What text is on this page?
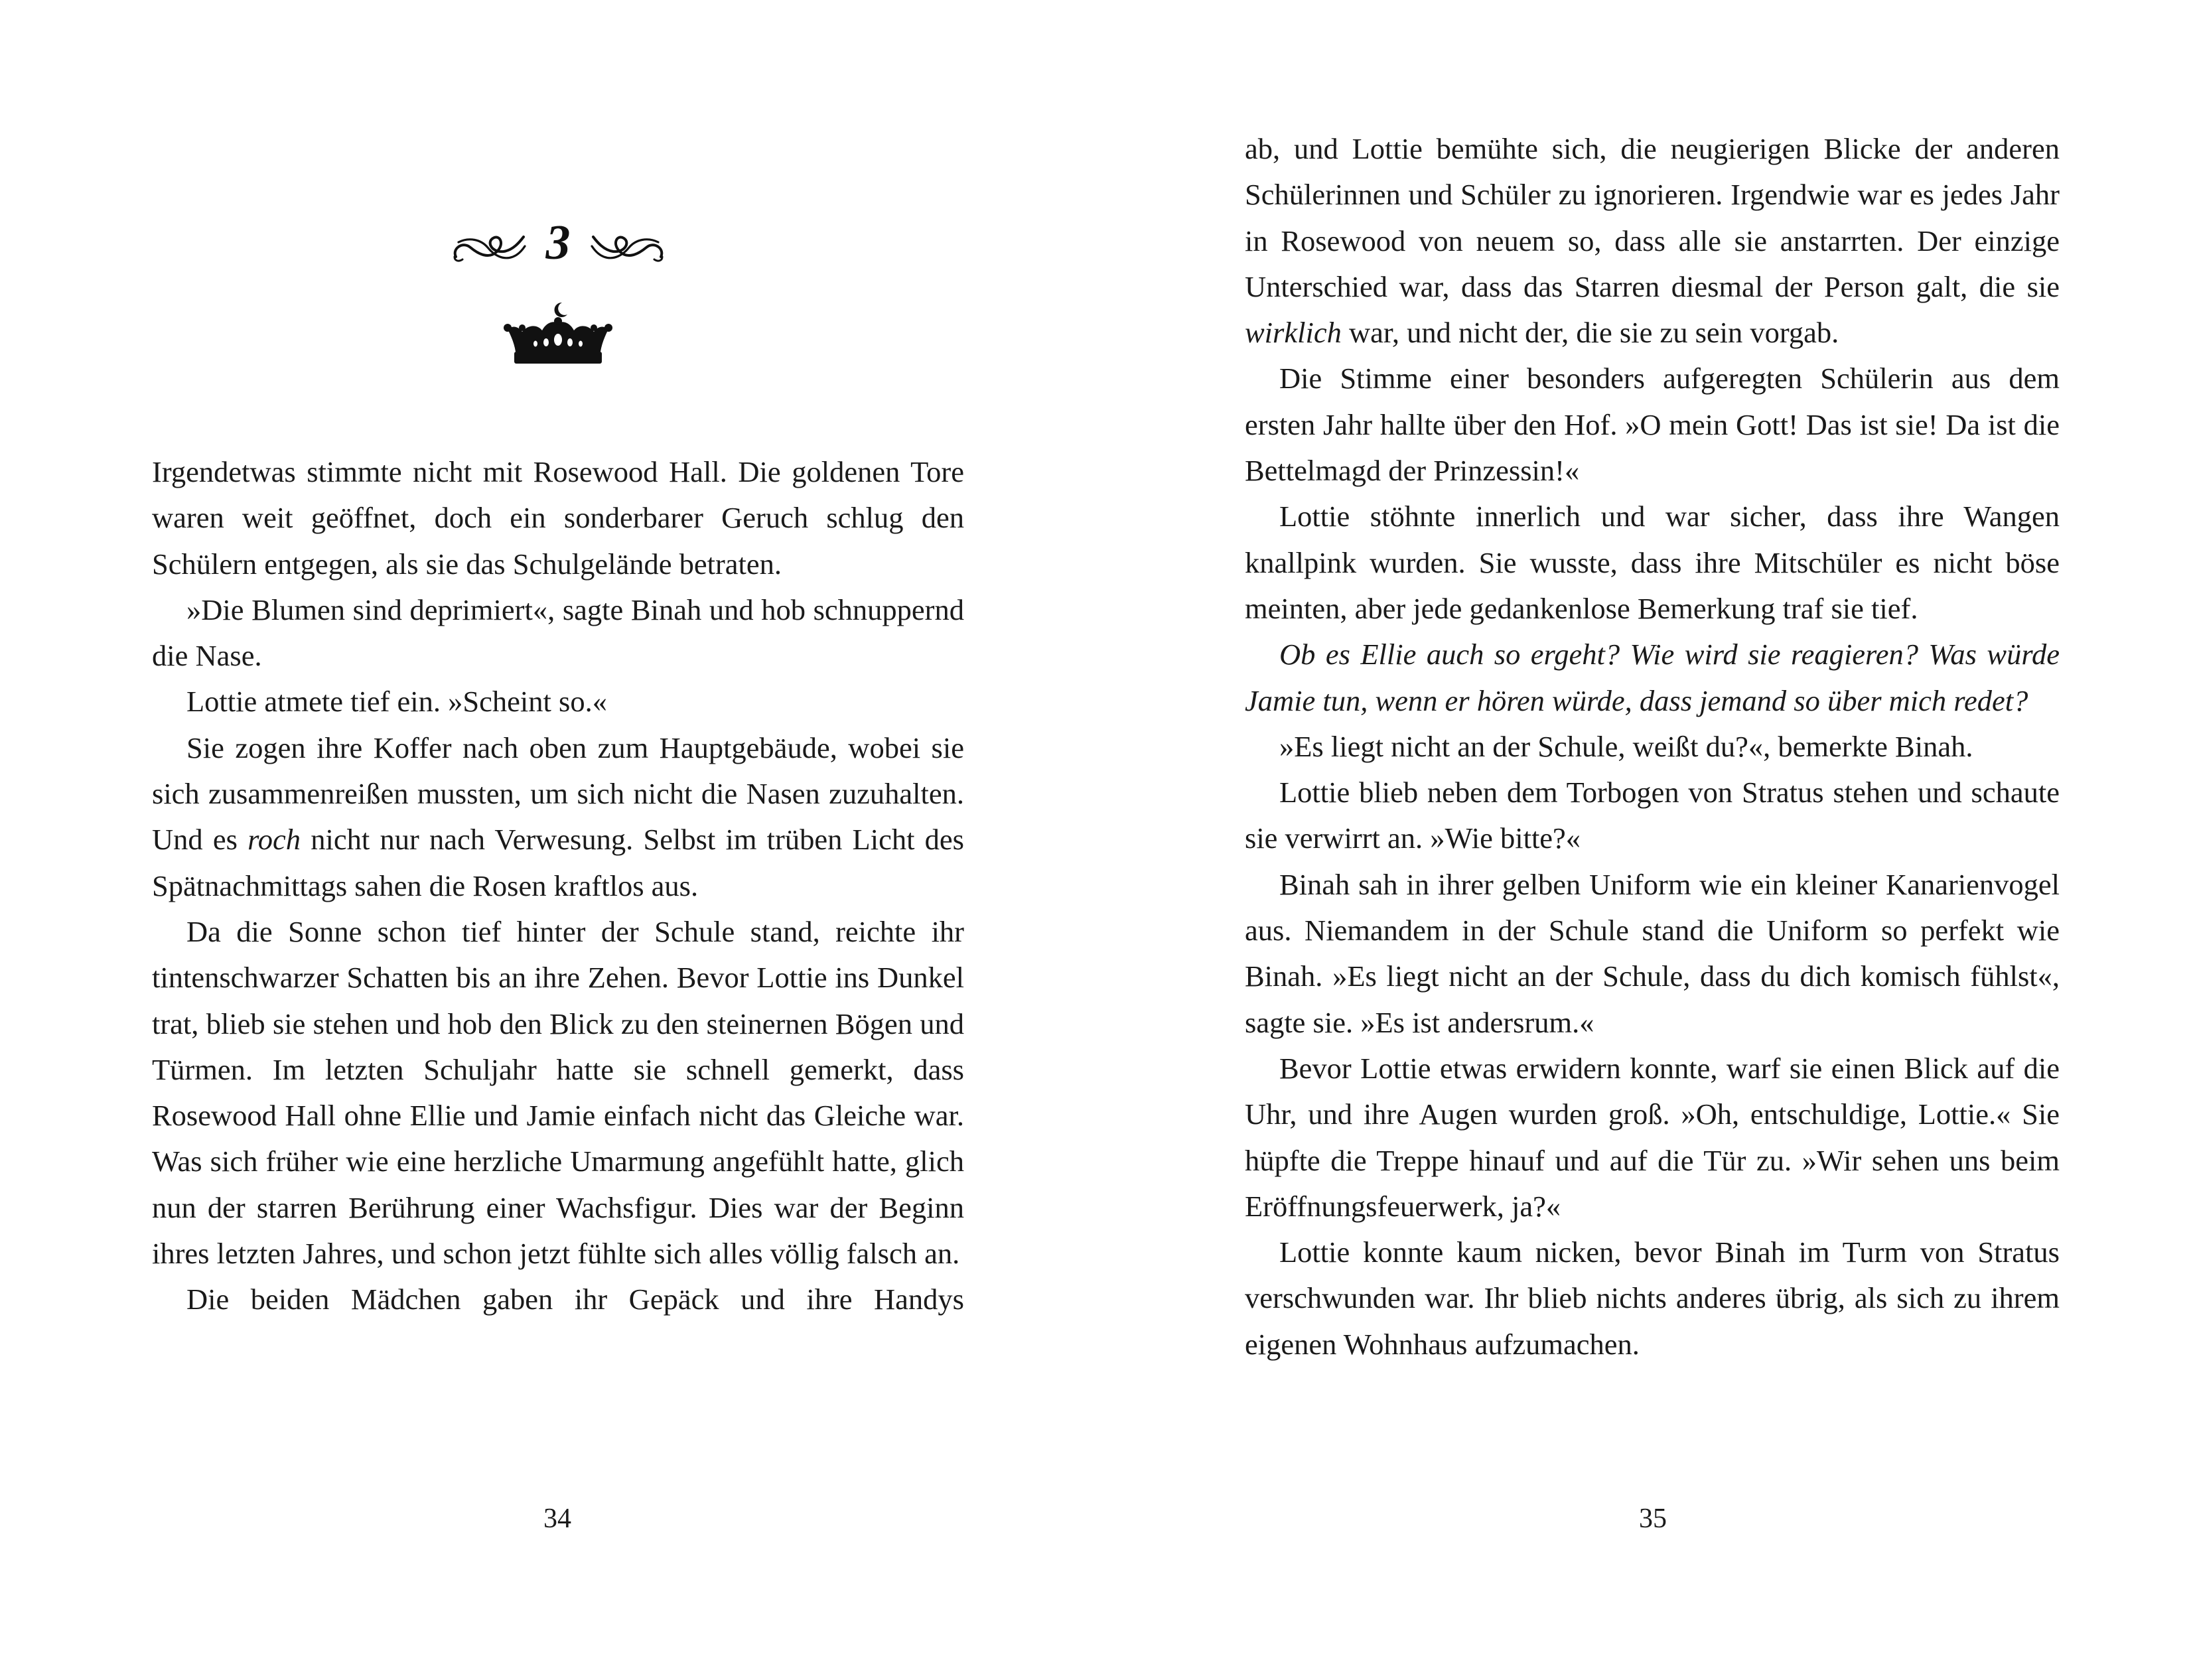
3

Irgendetwas stimmte nicht mit Rosewood Hall. Die goldenen Tore waren weit geöffnet, doch ein sonderbarer Geruch schlug den Schülern entgegen, als sie das Schulgelände betraten.

»Die Blumen sind deprimiert«, sagte Binah und hob schnuppernd die Nase.

Lottie atmete tief ein. »Scheint so.«

Sie zogen ihre Koffer nach oben zum Hauptgebäude, wobei sie sich zusammenreißen mussten, um sich nicht die Nasen zuzuhalten. Und es roch nicht nur nach Verwesung. Selbst im trüben Licht des Spätnachmittags sahen die Rosen kraftlos aus.

Da die Sonne schon tief hinter der Schule stand, reichte ihr tintenschwarzer Schatten bis an ihre Zehen. Bevor Lottie ins Dunkel trat, blieb sie stehen und hob den Blick zu den steinernen Bögen und Türmen. Im letzten Schuljahr hatte sie schnell gemerkt, dass Rosewood Hall ohne Ellie und Jamie einfach nicht das Gleiche war. Was sich früher wie eine herzliche Umarmung angefühlt hatte, glich nun der starren Berührung einer Wachsfigur. Dies war der Beginn ihres letzten Jahres, und schon jetzt fühlte sich alles völlig falsch an.

Die beiden Mädchen gaben ihr Gepäck und ihre Handys

34

ab, und Lottie bemühte sich, die neugierigen Blicke der anderen Schülerinnen und Schüler zu ignorieren. Irgendwie war es jedes Jahr in Rosewood von neuem so, dass alle sie anstarrten. Der einzige Unterschied war, dass das Starren diesmal der Person galt, die sie wirklich war, und nicht der, die sie zu sein vorgab.

Die Stimme einer besonders aufgeregten Schülerin aus dem ersten Jahr hallte über den Hof. »O mein Gott! Das ist sie! Da ist die Bettelmagd der Prinzessin!«

Lottie stöhnte innerlich und war sicher, dass ihre Wangen knallpink wurden. Sie wusste, dass ihre Mitschüler es nicht böse meinten, aber jede gedankenlose Bemerkung traf sie tief.

Ob es Ellie auch so ergeht? Wie wird sie reagieren? Was würde Jamie tun, wenn er hören würde, dass jemand so über mich redet?

»Es liegt nicht an der Schule, weißt du?«, bemerkte Binah.

Lottie blieb neben dem Torbogen von Stratus stehen und schaute sie verwirrt an. »Wie bitte?«

Binah sah in ihrer gelben Uniform wie ein kleiner Kanarienvogel aus. Niemandem in der Schule stand die Uniform so perfekt wie Binah. »Es liegt nicht an der Schule, dass du dich komisch fühlst«, sagte sie. »Es ist andersrum.«

Bevor Lottie etwas erwidern konnte, warf sie einen Blick auf die Uhr, und ihre Augen wurden groß. »Oh, entschuldige, Lottie.« Sie hüpfte die Treppe hinauf und auf die Tür zu. »Wir sehen uns beim Eröffnungsfeuerwerk, ja?«

Lottie konnte kaum nicken, bevor Binah im Turm von Stratus verschwunden war. Ihr blieb nichts anderes übrig, als sich zu ihrem eigenen Wohnhaus aufzumachen.

35
